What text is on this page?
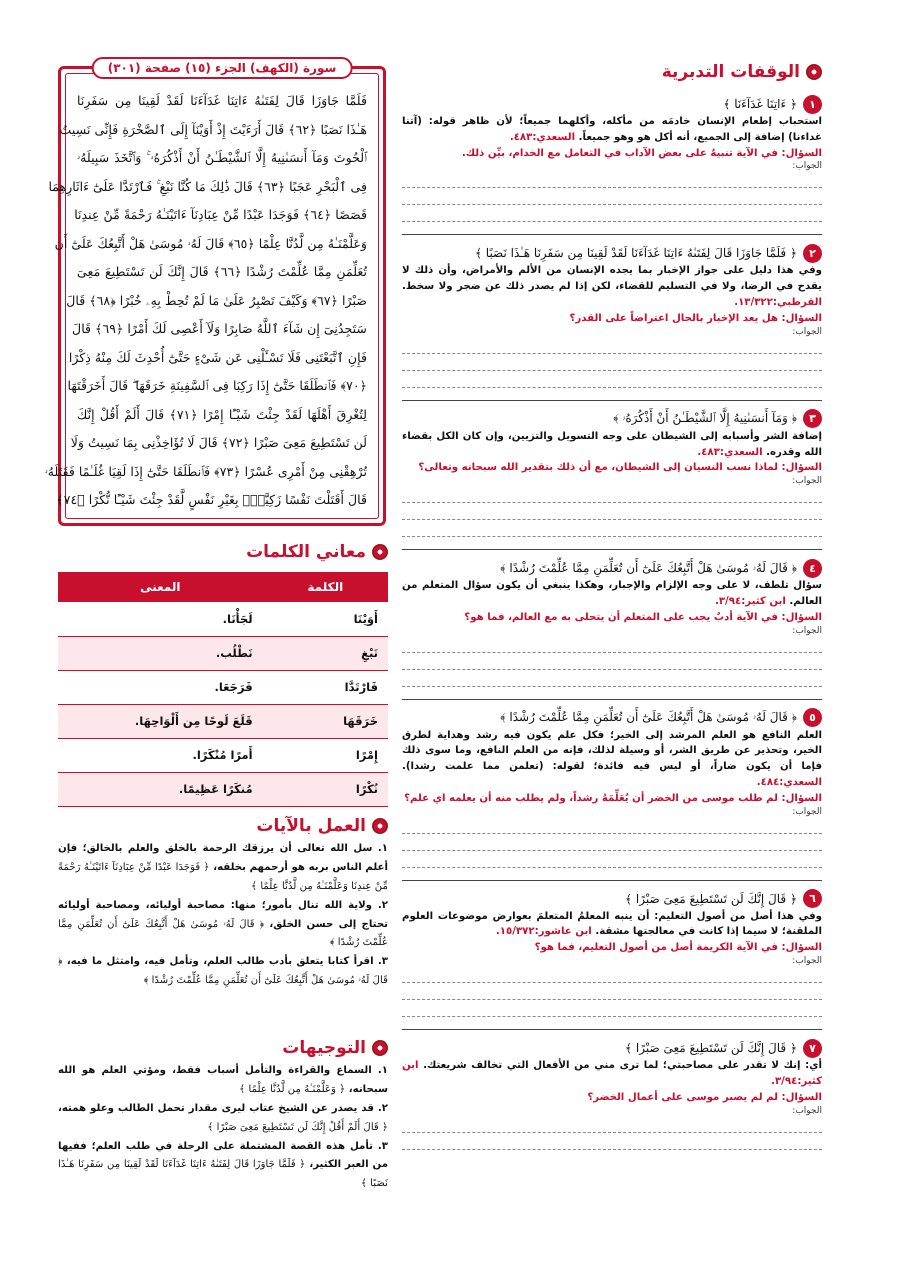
الوقفات التدبرية
١
﴿ ءَاتِنَا غَدَآءَنَا ﴾
استحباب إطعام الإنسان خادمَه من مأكله، وأكلهما جميعاً؛ لأن ظاهر قوله: (آتنا غداءنا) إضافة إلى الجميع، أنه أكل هو وهو جميعاً. السعدي:٤٨٣.
السؤال: في الآية تنبيهٌ على بعض الآداب في التعامل مع الخدام، بيِّن ذلك.
الجواب:
٢
﴿ فَلَمَّا جَاوَزَا قَالَ لِفَتَىٰهُ ءَاتِنَا غَدَآءَنَا لَقَدْ لَقِينَا مِن سَفَرِنَا هَـٰذَا نَصَبًا ﴾
وفي هذا دليل على جواز الإخبار بما يجده الإنسان من الألم والأمراض، وأن ذلك لا يقدح في الرضا، ولا في التسليم للقضاء، لكن إذا لم يصدر ذلك عن ضجر ولا سخط. القرطبي:١٣/٣٢٢.
السؤال: هل يعد الإخبار بالحال اعتراضاً على القدر؟
الجواب:
٣
﴿ وَمَآ أَنسَىٰنِيهُ إِلَّا ٱلشَّيْطَـٰنُ أَنْ أَذْكُرَهُۥ ﴾
إضافة الشر وأسبابه إلى الشيطان على وجه التسويل والتزيين، وإن كان الكل بقضاء الله وقدره. السعدي:٤٨٣.
السؤال: لماذا نسب النسيان إلى الشيطان، مع أن ذلك بتقدير الله سبحانه وتعالى؟
الجواب:
٤
﴿ قَالَ لَهُۥ مُوسَىٰ هَلْ أَتَّبِعُكَ عَلَىٰٓ أَن تُعَلِّمَنِ مِمَّا عُلِّمْتَ رُشْدًا ﴾
سؤال تلطف، لا على وجه الإلزام والإجبار، وهكذا ينبغي أن يكون سؤال المتعلم من العالم. ابن كثير:٣/٩٤.
السؤال: في الآية أدبٌ يجب على المتعلم أن يتحلى به مع العالم، فما هو؟
الجواب:
٥
﴿ قَالَ لَهُۥ مُوسَىٰ هَلْ أَتَّبِعُكَ عَلَىٰٓ أَن تُعَلِّمَنِ مِمَّا عُلِّمْتَ رُشْدًا ﴾
العلم النافع هو العلم المرشد إلى الخير؛ فكل علم يكون فيه رشد وهداية لطرق الخير، وتحذير عن طريق الشر، أو وسيلة لذلك، فإنه من العلم النافع، وما سوى ذلك فإما أن يكون ضاراً، أو ليس فيه فائدة؛ لقوله: (تعلمن مما علمت رشدا). السعدي:٤٨٤.
السؤال: لم طلب موسى من الخضر أن يُعَلِّمَهُ رشداً، ولم يطلب منه أن يعلمه اي علم؟
الجواب:
٦
﴿ قَالَ إِنَّكَ لَن تَسْتَطِيعَ مَعِىَ صَبْرًا ﴾
وفي هذا أصل من أصول التعليم: أن ينبه المعلمُ المتعلمَ بعوارض موضوعات العلوم الملقنة؛ لا سيما إذا كانت في معالجتها مشقة. ابن عاشور:١٥/٣٧٢.
السؤال: في الآية الكريمة أصل من أصول التعليم، فما هو؟
الجواب:
٧
﴿ قَالَ إِنَّكَ لَن تَسْتَطِيعَ مَعِىَ صَبْرًا ﴾
أي: إنك لا تقدر على مصاحبتي؛ لما ترى مني من الأفعال التي تخالف شريعتك. ابن كثير:٣/٩٤.
السؤال: لم لم يصبر موسى على أعمال الخضر؟
الجواب:
سورة (الكهف) الجزء (١٥) صفحة (٣٠١)
فَلَمَّا جَاوَزَا قَالَ لِفَتَىٰهُ ءَاتِنَا غَدَآءَنَا لَقَدْ لَقِينَا مِن سَفَرِنَا
هَـٰذَا نَصَبًا ﴿٦٢﴾ قَالَ أَرَءَيْتَ إِذْ أَوَيْنَآ إِلَى ٱلصَّخْرَةِ فَإِنِّى نَسِيتُ
ٱلْحُوتَ وَمَآ أَنسَىٰنِيهُ إِلَّا ٱلشَّيْطَـٰنُ أَنْ أَذْكُرَهُۥ ۚ وَٱتَّخَذَ سَبِيلَهُۥ
فِى ٱلْبَحْرِ عَجَبًا ﴿٦٣﴾ قَالَ ذَٰلِكَ مَا كُنَّا نَبْغِ ۚ فَٱرْتَدَّا عَلَىٰٓ ءَاثَارِهِمَا
قَصَصًا ﴿٦٤﴾ فَوَجَدَا عَبْدًا مِّنْ عِبَادِنَآ ءَاتَيْنَـٰهُ رَحْمَةً مِّنْ عِندِنَا
وَعَلَّمْنَـٰهُ مِن لَّدُنَّا عِلْمًا ﴿٦٥﴾ قَالَ لَهُۥ مُوسَىٰ هَلْ أَتَّبِعُكَ عَلَىٰٓ أَن
تُعَلِّمَنِ مِمَّا عُلِّمْتَ رُشْدًا ﴿٦٦﴾ قَالَ إِنَّكَ لَن تَسْتَطِيعَ مَعِىَ
صَبْرًا ﴿٦٧﴾ وَكَيْفَ تَصْبِرُ عَلَىٰ مَا لَمْ تُحِطْ بِهِۦ خُبْرًا ﴿٦٨﴾ قَالَ
سَتَجِدُنِىٓ إِن شَآءَ ٱللَّهُ صَابِرًا وَلَآ أَعْصِى لَكَ أَمْرًا ﴿٦٩﴾ قَالَ
فَإِنِ ٱتَّبَعْتَنِى فَلَا تَسْـَٔلْنِى عَن شَىْءٍ حَتَّىٰٓ أُحْدِثَ لَكَ مِنْهُ ذِكْرًا
﴿٧٠﴾ فَٱنطَلَقَا حَتَّىٰٓ إِذَا رَكِبَا فِى ٱلسَّفِينَةِ خَرَقَهَا ۖ قَالَ أَخَرَقْتَهَا
لِتُغْرِقَ أَهْلَهَا لَقَدْ جِئْتَ شَيْـًٔا إِمْرًا ﴿٧١﴾ قَالَ أَلَمْ أَقُلْ إِنَّكَ
لَن تَسْتَطِيعَ مَعِىَ صَبْرًا ﴿٧٢﴾ قَالَ لَا تُؤَاخِذْنِى بِمَا نَسِيتُ وَلَا
تُرْهِقْنِى مِنْ أَمْرِى عُسْرًا ﴿٧٣﴾ فَٱنطَلَقَا حَتَّىٰٓ إِذَا لَقِيَا غُلَـٰمًا فَقَتَلَهُۥ
قَالَ أَقَتَلْتَ نَفْسًا زَكِيَّةًۢ بِغَيْرِ نَفْسٍ لَّقَدْ جِئْتَ شَيْـًٔا نُّكْرًا ﴿٧٤﴾
معاني الكلمات
الكلمة	المعنى
أَوَيْنَا	لَجَأْنَا.
نَبْغِ	نَطْلُب.
فَارْتَدَّا	فَرَجَعَا.
خَرَقَهَا	قَلَعَ لَوحًا مِن أَلْوَاحِهَا.
إِمْرًا	أَمرًا مُنْكَرًا.
نُكْرًا	مُنكَرًا عَظِيمًا.
العمل بالآيات
١. سل الله تعالى أن يرزقك الرحمة بالخلق والعلم بالخالق؛ فإن أعلم الناس بربه هو أرحمهم بخلقه، ﴿ فَوَجَدَا عَبْدًا مِّنْ عِبَادِنَآ ءَاتَيْنَـٰهُ رَحْمَةً مِّنْ عِندِنَا وَعَلَّمْنَـٰهُ مِن لَّدُنَّا عِلْمًا ﴾
٢. ولاية الله تنال بأمور؛ منها: مصاحبة أوليائه، ومصاحبة أوليائه تحتاج إلى حسن الخلق، ﴿ قَالَ لَهُۥ مُوسَىٰ هَلْ أَتَّبِعُكَ عَلَىٰٓ أَن تُعَلِّمَنِ مِمَّا عُلِّمْتَ رُشْدًا ﴾
٣. اقرأ كتابا يتعلق بأدب طالب العلم، وتأمل فيه، وامتثل ما فيه، ﴿ قَالَ لَهُۥ مُوسَىٰ هَلْ أَتَّبِعُكَ عَلَىٰٓ أَن تُعَلِّمَنِ مِمَّا عُلِّمْتَ رُشْدًا ﴾
التوجيهات
١. السماع والقراءة والتأمل أسباب فقط، ومؤتي العلم هو الله سبحانه، ﴿ وَعَلَّمْنَـٰهُ مِن لَّدُنَّا عِلْمًا ﴾
٢. قد يصدر عن الشيخ عتاب ليرى مقدار تحمل الطالب وعلو همته، ﴿ قَالَ أَلَمْ أَقُلْ إِنَّكَ لَن تَسْتَطِيعَ مَعِىَ صَبْرًا ﴾
٣. تأمل هذه القصة المشتملة على الرحلة في طلب العلم؛ ففيها من العبر الكثير، ﴿ فَلَمَّا جَاوَزَا قَالَ لِفَتَىٰهُ ءَاتِنَا غَدَآءَنَا لَقَدْ لَقِينَا مِن سَفَرِنَا هَـٰذَا نَصَبًا ﴾
